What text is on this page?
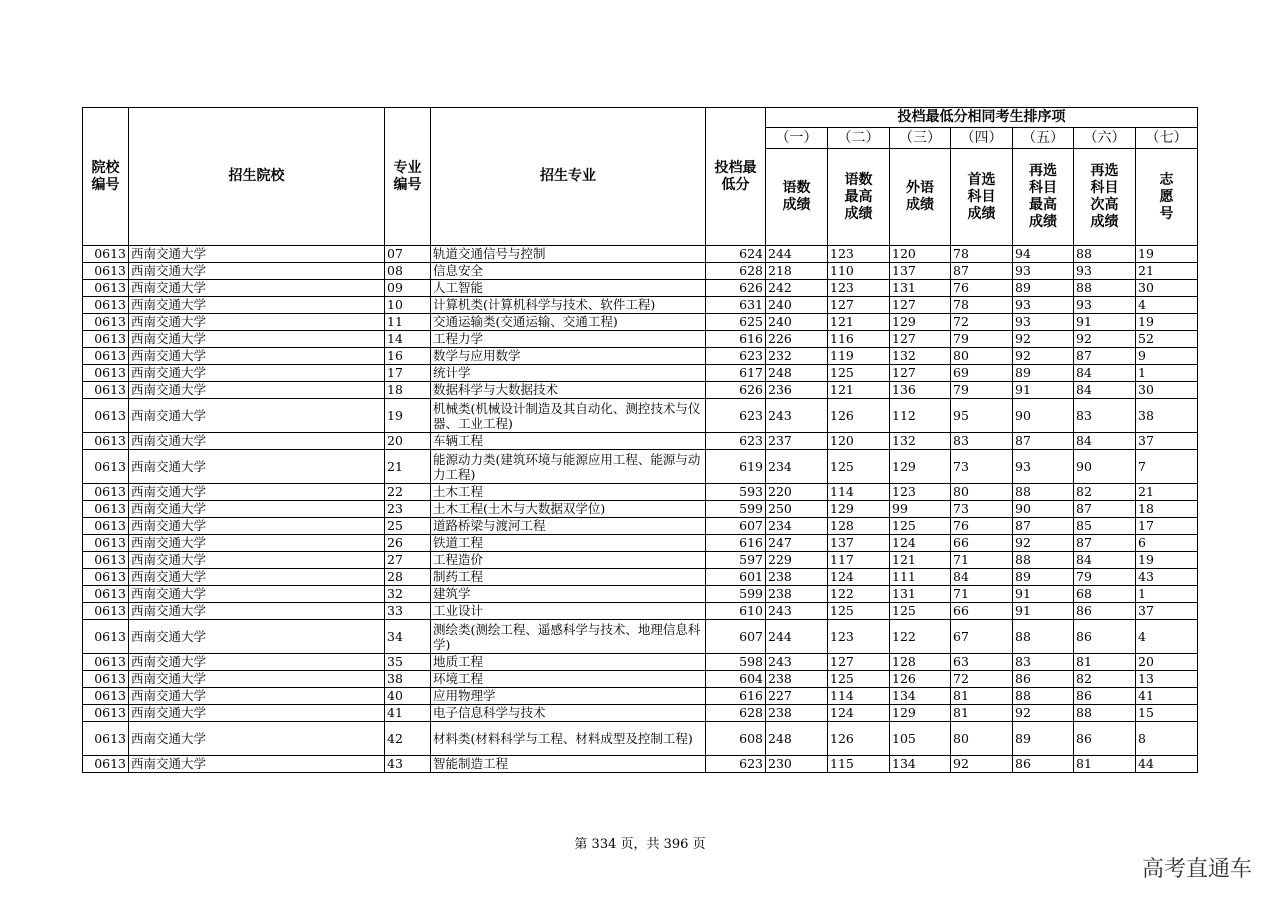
院校编号	招生院校	专业编号	招生专业	投档最低分	投档最低分相同考生排序项						
					（一）	（二）	（三）	（四）	（五）	（六）	（七）
					语数成绩	语数最高成绩	外语成绩	首选科目成绩	再选科目最高成绩	再选科目次高成绩	志愿号
0613	西南交通大学	07	轨道交通信号与控制	624	244	123	120	78	94	88	19
0613	西南交通大学	08	信息安全	628	218	110	137	87	93	93	21
0613	西南交通大学	09	人工智能	626	242	123	131	76	89	88	30
0613	西南交通大学	10	计算机类(计算机科学与技术、软件工程)	631	240	127	127	78	93	93	4
0613	西南交通大学	11	交通运输类(交通运输、交通工程)	625	240	121	129	72	93	91	19
0613	西南交通大学	14	工程力学	616	226	116	127	79	92	92	52
0613	西南交通大学	16	数学与应用数学	623	232	119	132	80	92	87	9
0613	西南交通大学	17	统计学	617	248	125	127	69	89	84	1
0613	西南交通大学	18	数据科学与大数据技术	626	236	121	136	79	91	84	30
0613	西南交通大学	19	机械类(机械设计制造及其自动化、测控技术与仪器、工业工程)	623	243	126	112	95	90	83	38
0613	西南交通大学	20	车辆工程	623	237	120	132	83	87	84	37
0613	西南交通大学	21	能源动力类(建筑环境与能源应用工程、能源与动力工程)	619	234	125	129	73	93	90	7
0613	西南交通大学	22	土木工程	593	220	114	123	80	88	82	21
0613	西南交通大学	23	土木工程(土木与大数据双学位)	599	250	129	99	73	90	87	18
0613	西南交通大学	25	道路桥梁与渡河工程	607	234	128	125	76	87	85	17
0613	西南交通大学	26	铁道工程	616	247	137	124	66	92	87	6
0613	西南交通大学	27	工程造价	597	229	117	121	71	88	84	19
0613	西南交通大学	28	制药工程	601	238	124	111	84	89	79	43
0613	西南交通大学	32	建筑学	599	238	122	131	71	91	68	1
0613	西南交通大学	33	工业设计	610	243	125	125	66	91	86	37
0613	西南交通大学	34	测绘类(测绘工程、遥感科学与技术、地理信息科学)	607	244	123	122	67	88	86	4
0613	西南交通大学	35	地质工程	598	243	127	128	63	83	81	20
0613	西南交通大学	38	环境工程	604	238	125	126	72	86	82	13
0613	西南交通大学	40	应用物理学	616	227	114	134	81	88	86	41
0613	西南交通大学	41	电子信息科学与技术	628	238	124	129	81	92	88	15
0613	西南交通大学	42	材料类(材料科学与工程、材料成型及控制工程)	608	248	126	105	80	89	86	8
0613	西南交通大学	43	智能制造工程	623	230	115	134	92	86	81	44
第 334 页，共 396 页
高考直通车
